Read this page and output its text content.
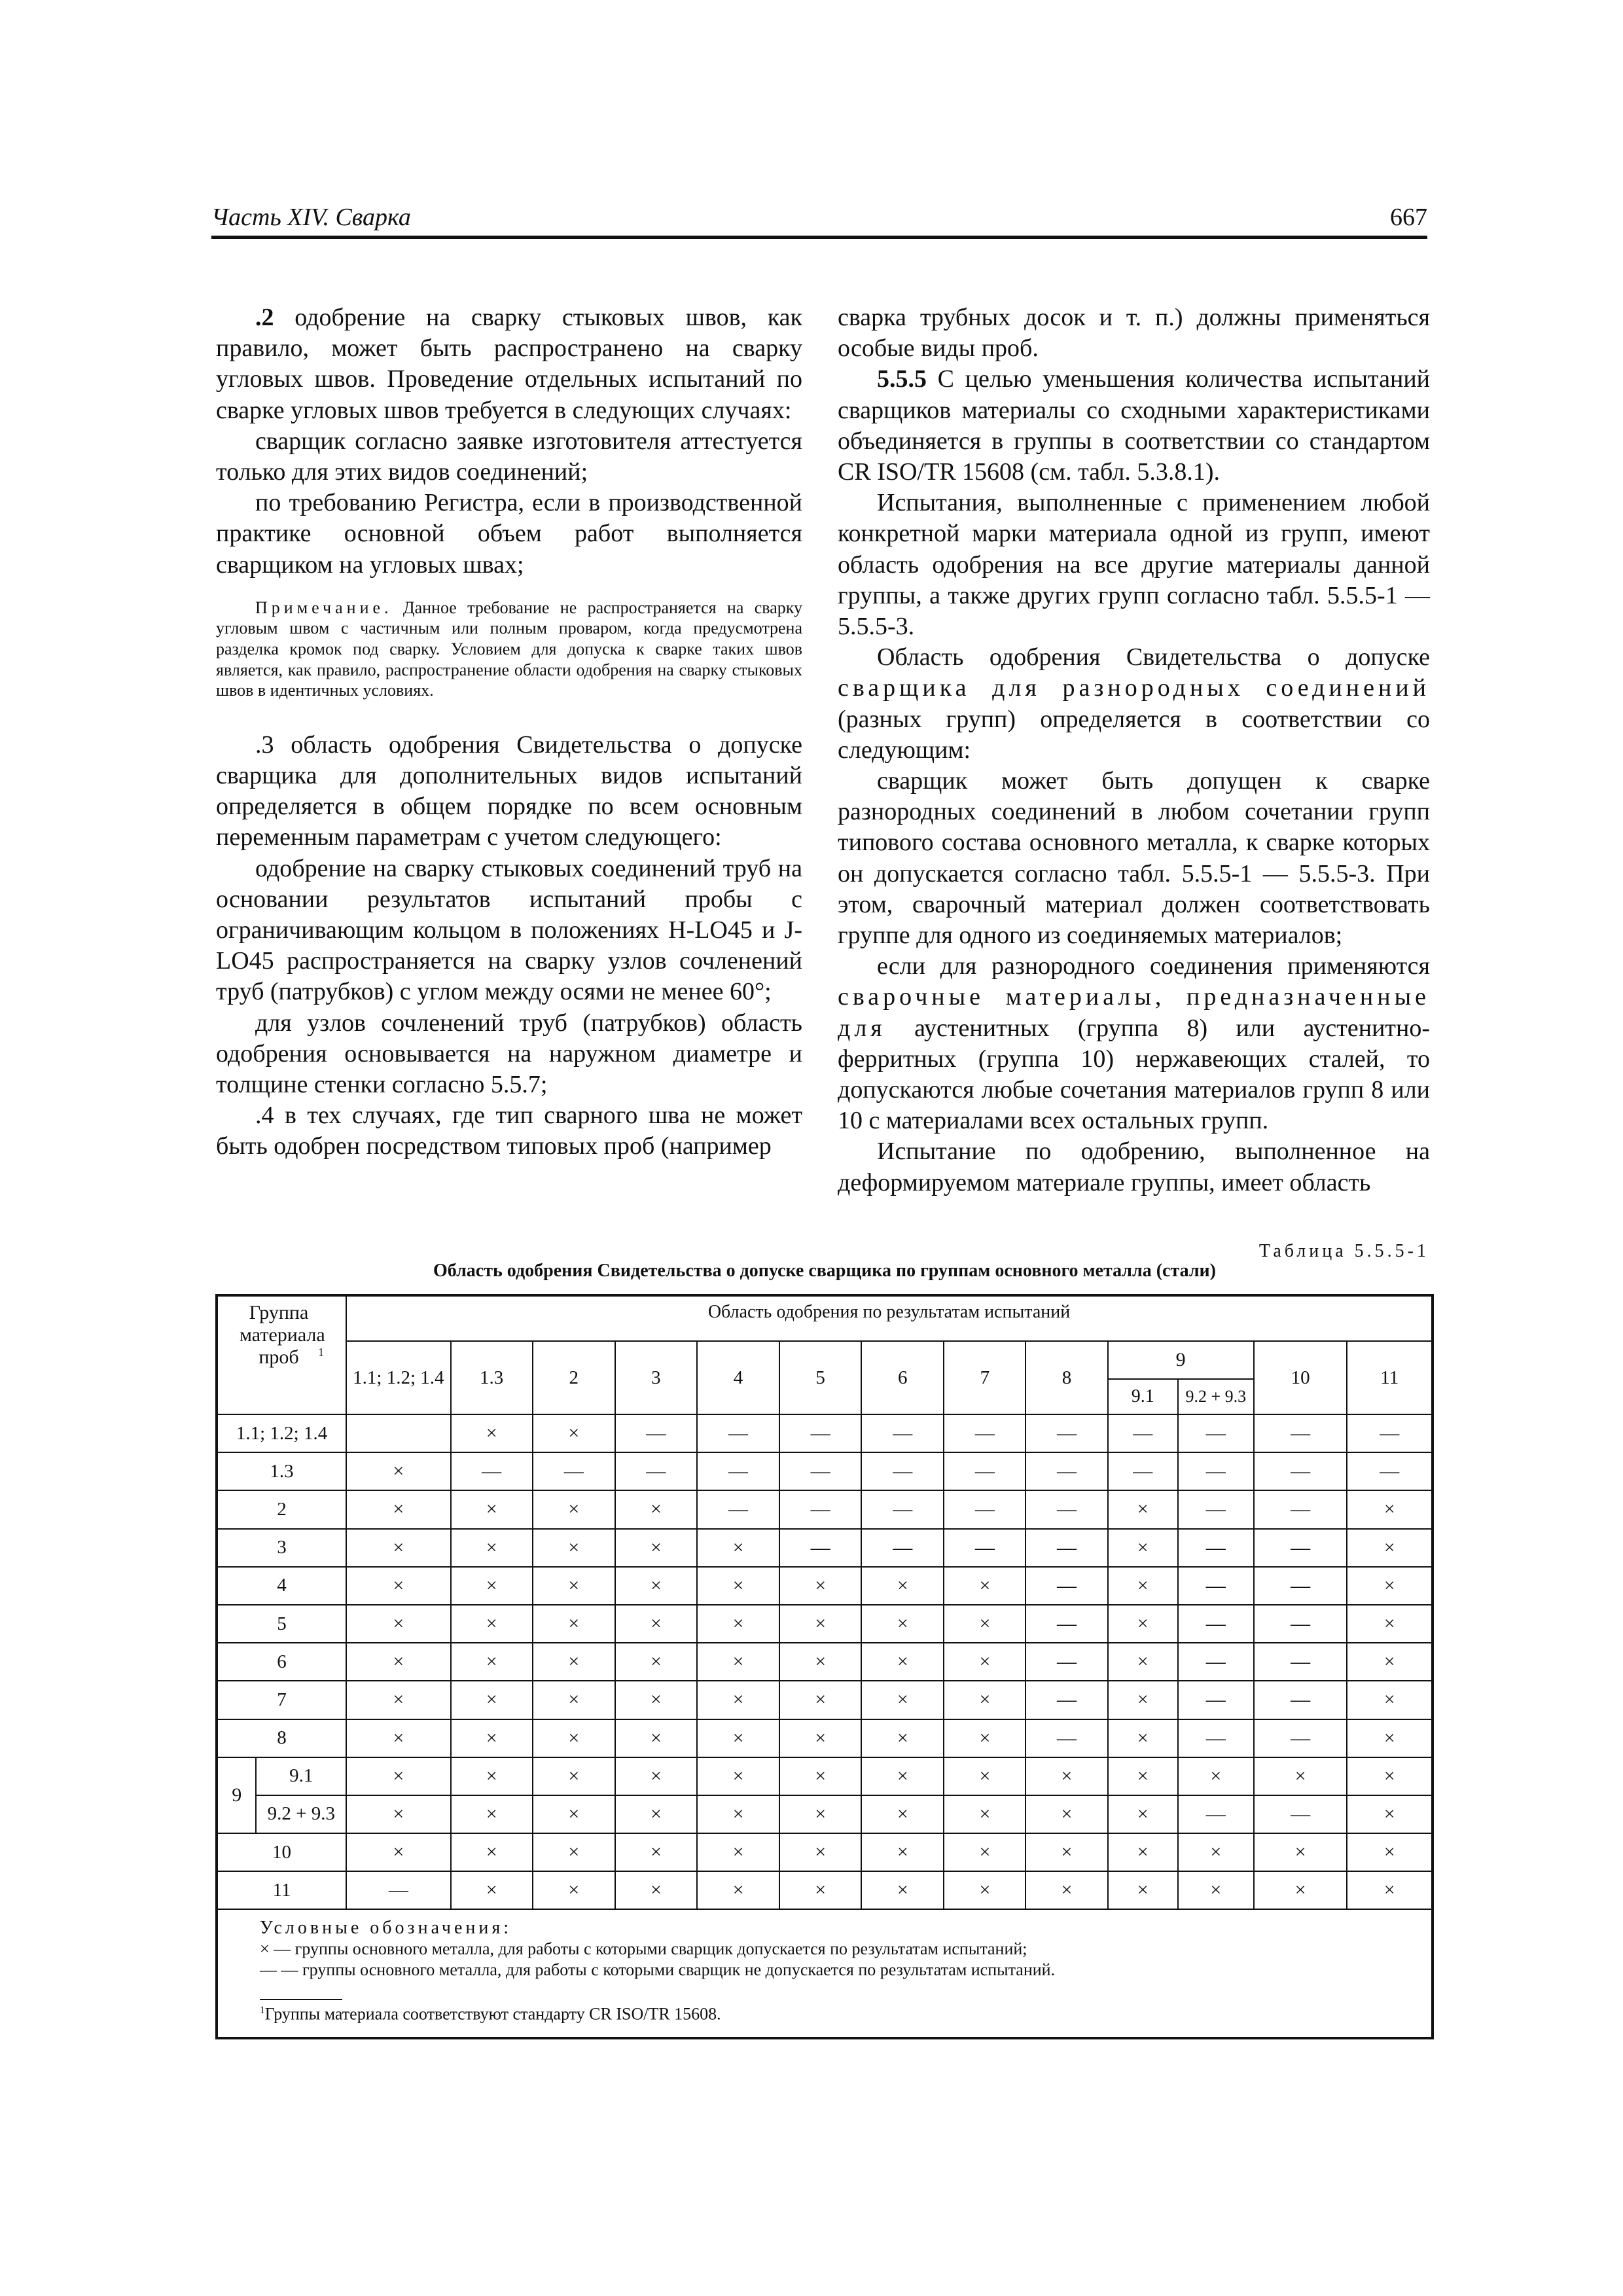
Часть XIV. Сварка	667

.2 одобрение на сварку стыковых швов, как правило, может быть распространено на сварку угловых швов. Проведение отдельных испытаний по сварке угловых швов требуется в следующих случаях:

сварщик согласно заявке изготовителя аттестуется только для этих видов соединений;

по требованию Регистра, если в производственной практике основной объем работ выполняется сварщиком на угловых швах;

Примечание. Данное требование не распространяется на сварку угловым швом с частичным или полным проваром, когда предусмотрена разделка кромок под сварку. Условием для допуска к сварке таких швов является, как правило, распространение области одобрения на сварку стыковых швов в идентичных условиях.

.3 область одобрения Свидетельства о допуске сварщика для дополнительных видов испытаний определяется в общем порядке по всем основным переменным параметрам с учетом следующего:

одобрение на сварку стыковых соединений труб на основании результатов испытаний пробы с ограничивающим кольцом в положениях H-LO45 и J-LO45 распространяется на сварку узлов сочленений труб (патрубков) с углом между осями не менее 60°;

для узлов сочленений труб (патрубков) область одобрения основывается на наружном диаметре и толщине стенки согласно 5.5.7;

.4 в тех случаях, где тип сварного шва не может быть одобрен посредством типовых проб (например

сварка трубных досок и т. п.) должны применяться особые виды проб.

5.5.5 С целью уменьшения количества испытаний сварщиков материалы со сходными характеристиками объединяется в группы в соответствии со стандартом CR ISO/TR 15608 (см. табл. 5.3.8.1).

Испытания, выполненные с применением любой конкретной марки материала одной из групп, имеют область одобрения на все другие материалы данной группы, а также других групп согласно табл. 5.5.5-1 — 5.5.5-3.

Область одобрения Свидетельства о допуске сварщика для разнородных соединений (разных групп) определяется в соответствии со следующим:

сварщик может быть допущен к сварке разнородных соединений в любом сочетании групп типового состава основного металла, к сварке которых он допускается согласно табл. 5.5.5-1 — 5.5.5-3. При этом, сварочный материал должен соответствовать группе для одного из соединяемых материалов;

если для разнородного соединения применяются сварочные материалы, предназначенные для аустенитных (группа 8) или аустенитно-ферритных (группа 10) нержавеющих сталей, то допускаются любые сочетания материалов групп 8 или 10 с материалами всех остальных групп.

Испытание по одобрению, выполненное на деформируемом материале группы, имеет область

Таблица 5.5.5-1
Область одобрения Свидетельства о допуске сварщика по группам основного металла (стали)
Группа материала проб $^1$		Область одобрения по результатам испытаний												
		1.1; 1.2; 1.4	1.3	2	3	4	5	6	7	8	9		10	11
											9.1	9.2 + 9.3		
1.1; 1.2; 1.4			×	×	—	—	—	—	—	—	—	—	—	—
1.3		×	—	—	—	—	—	—	—	—	—	—	—	—
2		×	×	×	×	—	—	—	—	—	×	—	—	×
3		×	×	×	×	×	—	—	—	—	×	—	—	×
4		×	×	×	×	×	×	×	×	—	×	—	—	×
5		×	×	×	×	×	×	×	×	—	×	—	—	×
6		×	×	×	×	×	×	×	×	—	×	—	—	×
7		×	×	×	×	×	×	×	×	—	×	—	—	×
8		×	×	×	×	×	×	×	×	—	×	—	—	×
9	9.1	×	×	×	×	×	×	×	×	×	×	×	×	×
	9.2 + 9.3	×	×	×	×	×	×	×	×	×	×	—	—	×
10		×	×	×	×	×	×	×	×	×	×	×	×	×
11		—	×	×	×	×	×	×	×	×	×	×	×	×

Условные обозначения:
× — группы основного металла, для работы с которыми сварщик допускается по результатам испытаний;
— — группы основного металла, для работы с которыми сварщик не допускается по результатам испытаний.
$^1$Группы материала соответствуют стандарту CR ISO/TR 15608.														
